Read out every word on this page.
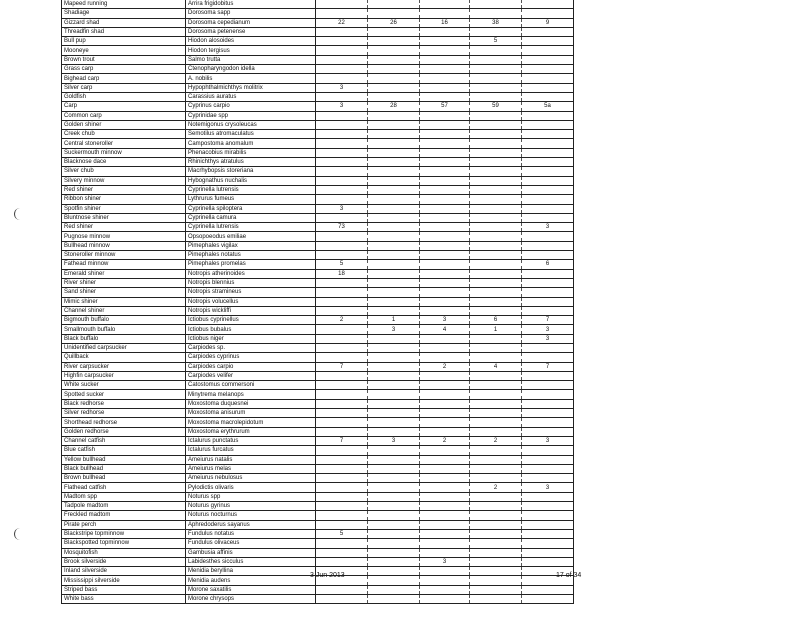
Mapeed running	Arrira frigidobitus					
Shadiage	Dorosoma sapp					
Gizzard shad	Dorosoma cepedianum	22	26	16	38	9
Threadfin shad	Dorosoma petenense					
Bull pup	Hiodon alosoides				5	
Mooneye	Hiodon tergisus					
Brown trout	Salmo trutta					
Grass carp	Ctenopharyngodon idella					
Bighead carp	A. nobilis					
Silver carp	Hypophthalmichthys molitrix	3				
Goldfish	Carassius auratus					
Carp	Cyprinus carpio	3	28	57	59	5a
Common carp	Cyprinidae spp					
Golden shiner	Notemigonus crysoleucas					
Creek chub	Semotilus atromaculatus					
Central stoneroller	Campostoma anomalum					
Suckermouth minnow	Phenacobius mirabilis					
Blacknose dace	Rhinichthys atratulus					
Silver chub	Macrhybopsis storeriana					
Silvery minnow	Hybognathus nuchalis					
Red shiner	Cyprinella lutrensis					
Ribbon shiner	Lythrurus fumeus					
Spotfin shiner	Cyprinella spiloptera	3				
Bluntnose shiner	Cyprinella camura					
Red shiner	Cyprinella lutrensis	73				3
Pugnose minnow	Opsopoeodus emiliae					
Bullhead minnow	Pimephales vigilax					
Stoneroller minnow	Pimephales notatus					
Fathead minnow	Pimephales promelas	5				6
Emerald shiner	Notropis atherinoides	18				
River shiner	Notropis blennius					
Sand shiner	Notropis stramineus					
Mimic shiner	Notropis volucellus					
Channel shiner	Notropis wickliffi					
Bigmouth buffalo	Ictiobus cyprinellus	2	1	3	6	7
Smallmouth buffalo	Ictiobus bubalus		3	4	1	3
Black buffalo	Ictiobus niger					3
Unidentified carpsucker	Carpiodes sp.					
Quillback	Carpiodes cyprinus					
River carpsucker	Carpiodes carpio	7		2	4	7
Highfin carpsucker	Carpiodes velifer					
White sucker	Catostomus commersoni					
Spotted sucker	Minytrema melanops					
Black redhorse	Moxostoma duquesnei					
Silver redhorse	Moxostoma anisurum					
Shorthead redhorse	Moxostoma macrolepidotum					
Golden redhorse	Moxostoma erythrurum					
Channel catfish	Ictalurus punctatus	7	3	2	2	3
Blue catfish	Ictalurus furcatus					
Yellow bullhead	Ameiurus natalis					
Black bullhead	Ameiurus melas					
Brown bullhead	Ameiurus nebulosus					
Flathead catfish	Pylodictis olivaris				2	3
Madtom spp	Noturus spp					
Tadpole madtom	Noturus gyrinus					
Freckled madtom	Noturus nocturnus					
Pirate perch	Aphredoderus sayanus					
Blackstripe topminnow	Fundulus notatus	5				
Blackspotted topminnow	Fundulus olivaceus					
Mosquitofish	Gambusia affinis					
Brook silverside	Labidesthes sicculus			3		
Inland silverside	Menidia beryllina					
Mississippi silverside	Menidia audens					
Striped bass	Morone saxatilis					
White bass	Morone chrysops					
3 Jun 2013	17 of 34
